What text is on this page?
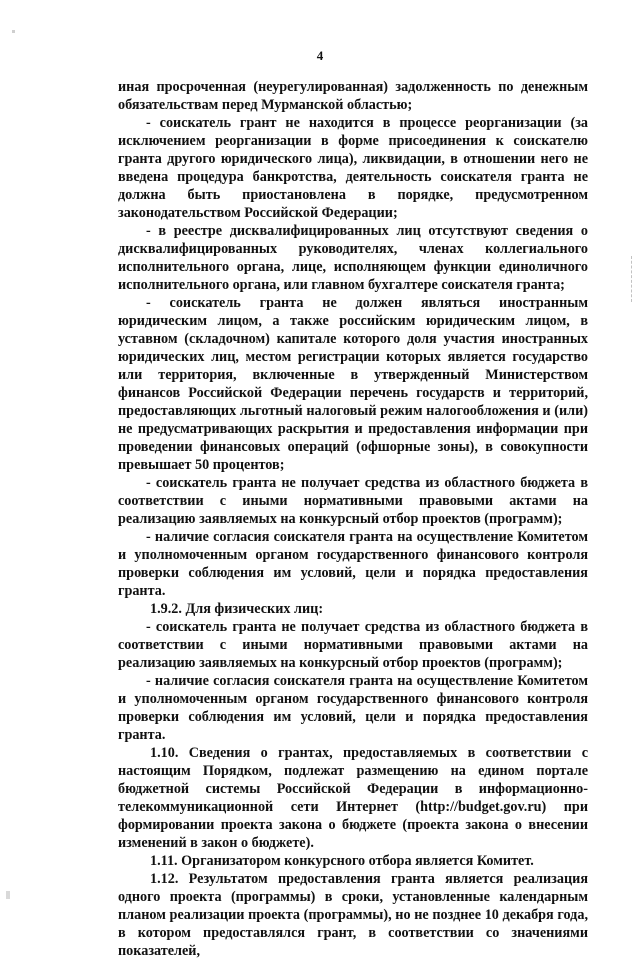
4

иная просроченная (неурегулированная) задолженность по денежным обязательствам перед Мурманской областью;

- соискатель грант не находится в процессе реорганизации (за исключением реорганизации в форме присоединения к соискателю гранта другого юридического лица), ликвидации, в отношении него не введена процедура банкротства, деятельность соискателя гранта не должна быть приостановлена в порядке, предусмотренном законодательством Российской Федерации;

- в реестре дисквалифицированных лиц отсутствуют сведения о дисквалифицированных руководителях, членах коллегиального исполнительного органа, лице, исполняющем функции единоличного исполнительного органа, или главном бухгалтере соискателя гранта;

- соискатель гранта не должен являться иностранным юридическим лицом, а также российским юридическим лицом, в уставном (складочном) капитале которого доля участия иностранных юридических лиц, местом регистрации которых является государство или территория, включенные в утвержденный Министерством финансов Российской Федерации перечень государств и территорий, предоставляющих льготный налоговый режим налогообложения и (или) не предусматривающих раскрытия и предоставления информации при проведении финансовых операций (офшорные зоны), в совокупности превышает 50 процентов;

- соискатель гранта не получает средства из областного бюджета в соответствии с иными нормативными правовыми актами на реализацию заявляемых на конкурсный отбор проектов (программ);

- наличие согласия соискателя гранта на осуществление Комитетом и уполномоченным органом государственного финансового контроля проверки соблюдения им условий, цели и порядка предоставления гранта.

1.9.2. Для физических лиц:

- соискатель гранта не получает средства из областного бюджета в соответствии с иными нормативными правовыми актами на реализацию заявляемых на конкурсный отбор проектов (программ);

- наличие согласия соискателя гранта на осуществление Комитетом и уполномоченным органом государственного финансового контроля проверки соблюдения им условий, цели и порядка предоставления гранта.

1.10. Сведения о грантах, предоставляемых в соответствии с настоящим Порядком, подлежат размещению на едином портале бюджетной системы Российской Федерации в информационно-телекоммуникационной сети Интернет (http://budget.gov.ru) при формировании проекта закона о бюджете (проекта закона о внесении изменений в закон о бюджете).

1.11. Организатором конкурсного отбора является Комитет.

1.12. Результатом предоставления гранта является реализация одного проекта (программы) в сроки, установленные календарным планом реализации проекта (программы), но не позднее 10 декабря года, в котором предоставлялся грант, в соответствии со значениями показателей,
